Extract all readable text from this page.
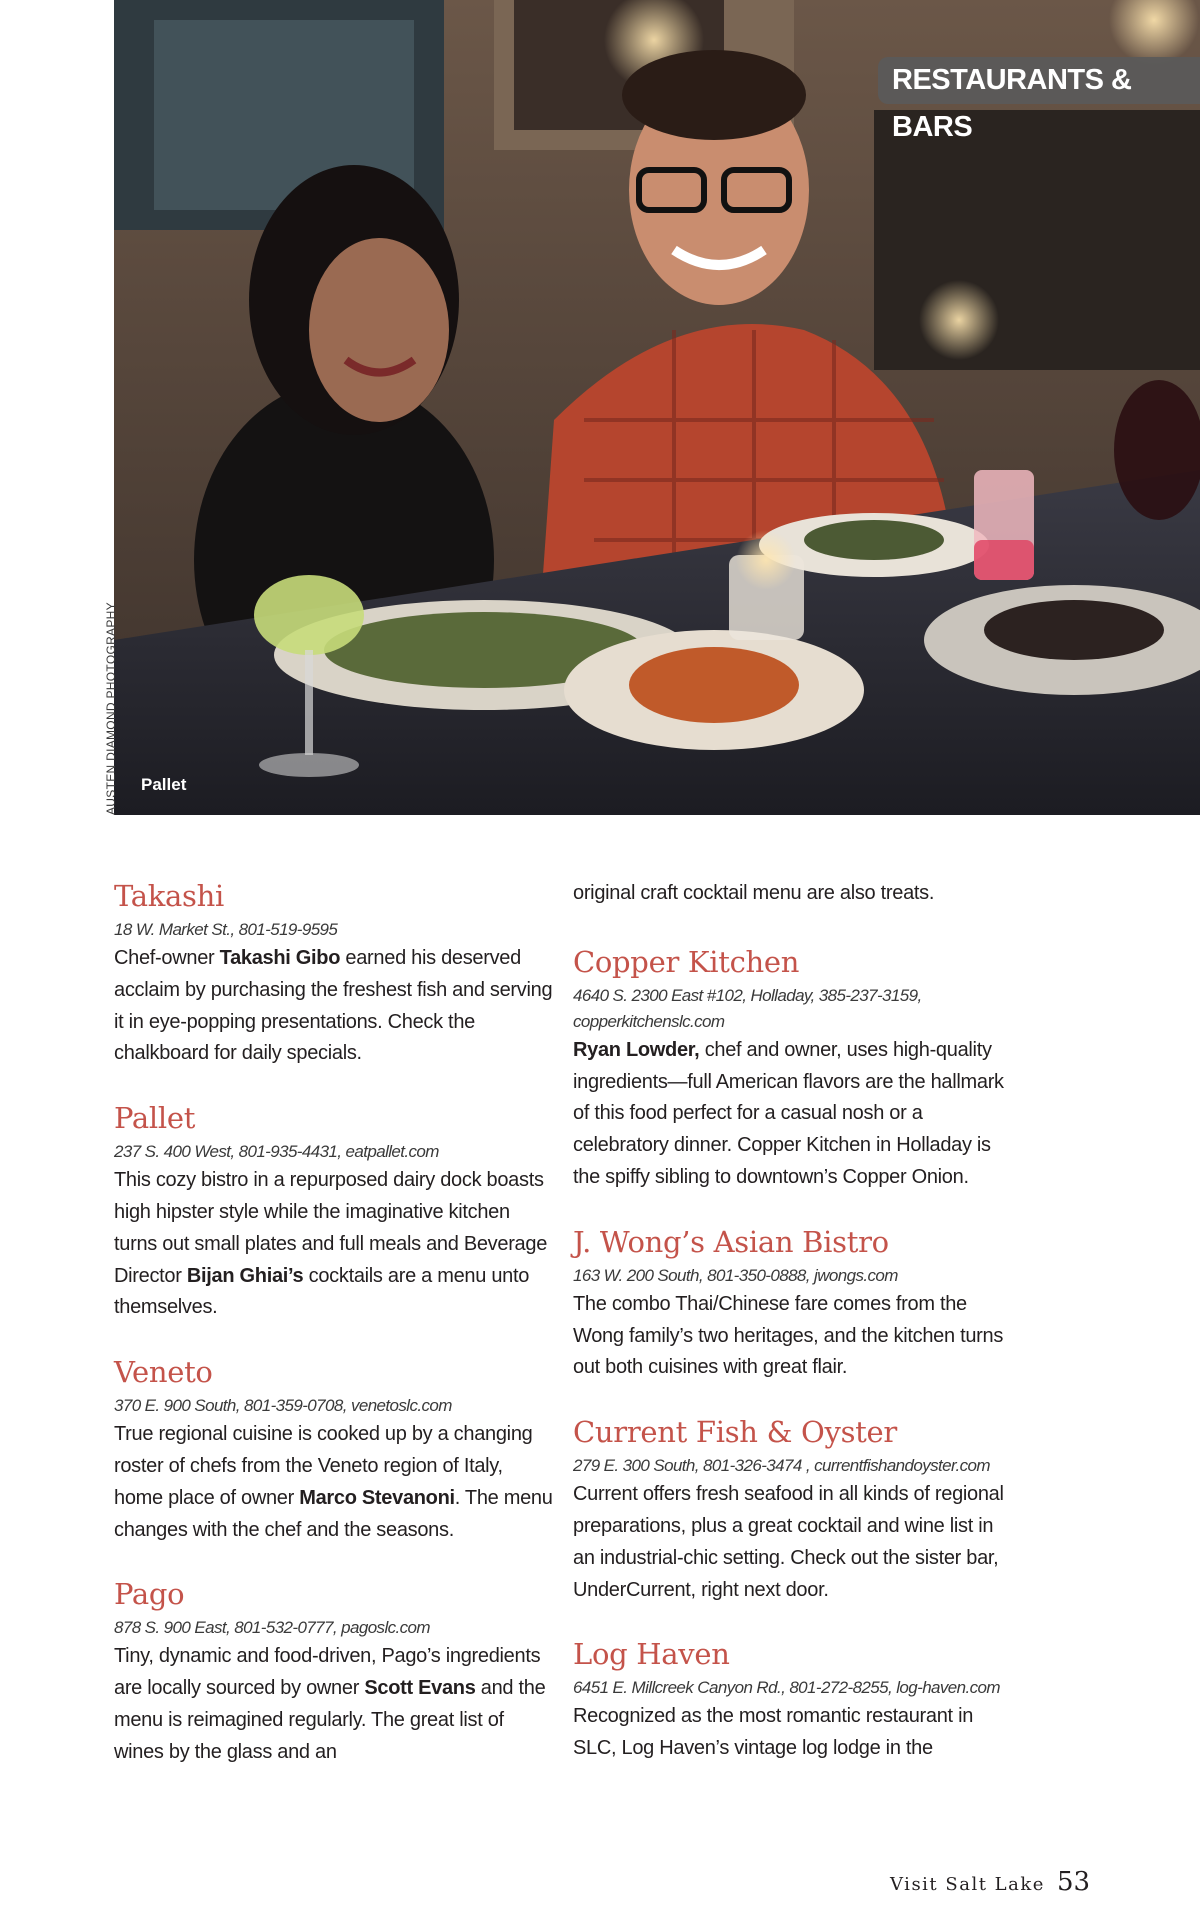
RESTAURANTS & BARS
Pallet
AUSTEN DIAMOND PHOTOGRAPHY
Takashi
18 W. Market St., 801-519-9595
Chef-owner Takashi Gibo earned his deserved acclaim by purchasing the freshest fish and serving it in eye-popping presentations. Check the chalkboard for daily specials.
Pallet
237 S. 400 West, 801-935-4431, eatpallet.com
This cozy bistro in a repurposed dairy dock boasts high hipster style while the imaginative kitchen turns out small plates and full meals and Beverage Director Bijan Ghiai’s cocktails are a menu unto themselves.
Veneto
370 E. 900 South, 801-359-0708, venetoslc.com
True regional cuisine is cooked up by a changing roster of chefs from the Veneto region of Italy, home place of owner Marco Stevanoni. The menu changes with the chef and the seasons.
Pago
878 S. 900 East, 801-532-0777, pagoslc.com
Tiny, dynamic and food-driven, Pago’s ingredients are locally sourced by owner Scott Evans and the menu is reimagined regularly. The great list of wines by the glass and an
original craft cocktail menu are also treats.
Copper Kitchen
4640 S. 2300 East #102, Holladay, 385-237-3159, copperkitchenslc.com
Ryan Lowder, chef and owner, uses high-quality ingredients—full American flavors are the hallmark of this food perfect for a casual nosh or a celebratory dinner. Copper Kitchen in Holladay is the spiffy sibling to downtown’s Copper Onion.
J. Wong’s Asian Bistro
163 W. 200 South, 801-350-0888, jwongs.com
The combo Thai/Chinese fare comes from the Wong family’s two heritages, and the kitchen turns out both cuisines with great flair.
Current Fish & Oyster
279 E. 300 South, 801-326-3474 , currentfishandoyster.com
Current offers fresh seafood in all kinds of regional preparations, plus a great cocktail and wine list in an industrial-chic setting. Check out the sister bar, UnderCurrent, right next door.
Log Haven
6451 E. Millcreek Canyon Rd., 801-272-8255, log-haven.com
Recognized as the most romantic restaurant in SLC, Log Haven’s vintage log lodge in the
Visit Salt Lake 53
